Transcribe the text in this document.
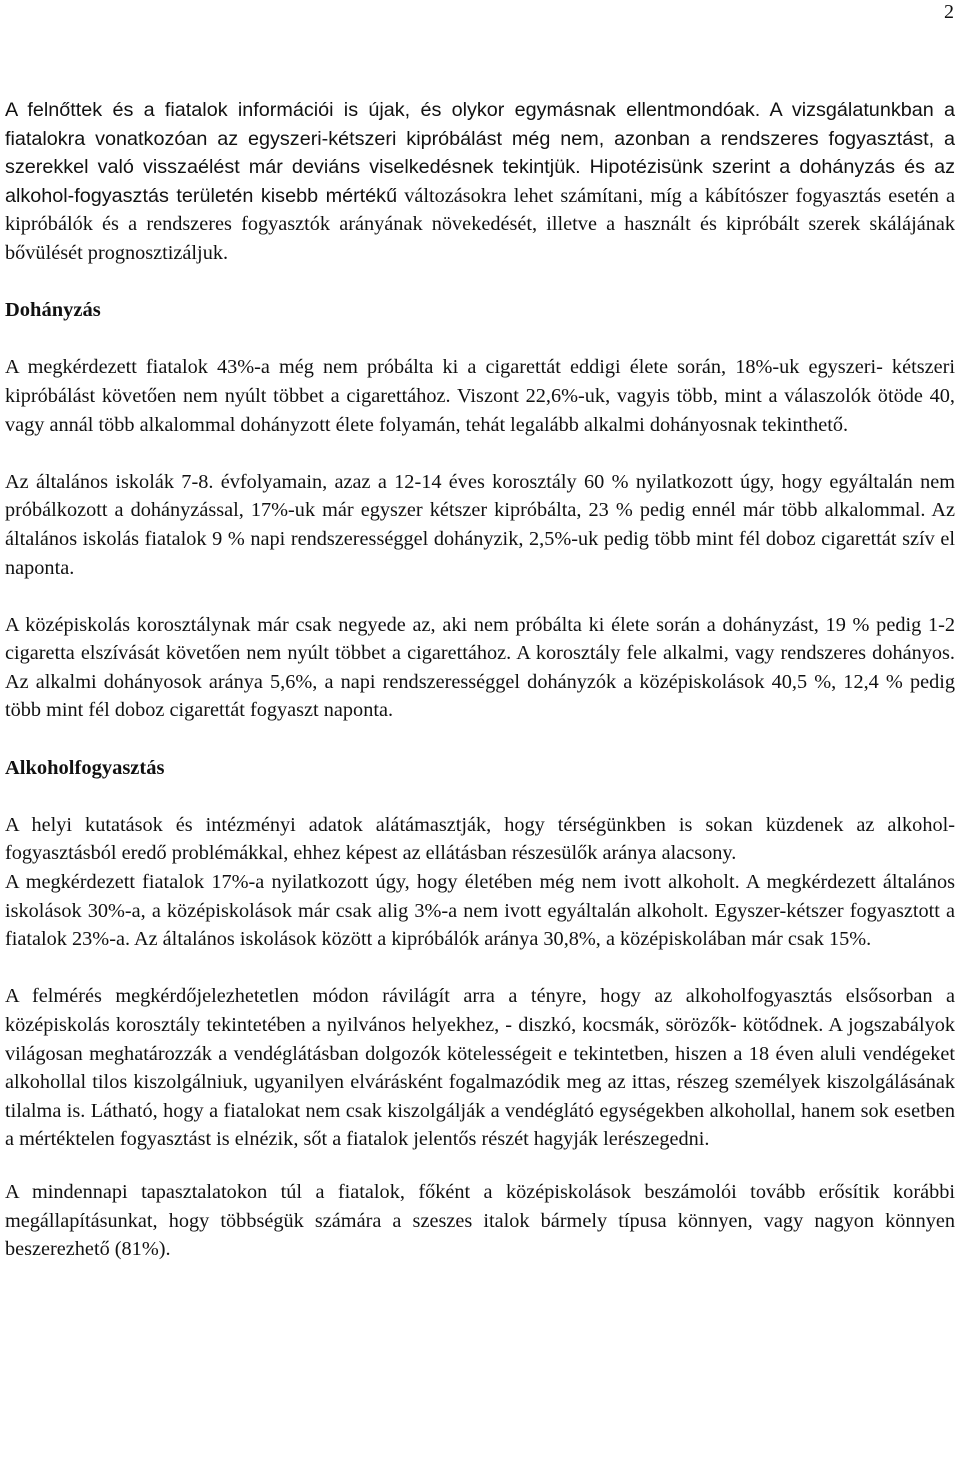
2

A felnőttek és a fiatalok információi is újak, és olykor egymásnak ellentmondóak. A vizsgálatunkban a fiatalokra vonatkozóan az egyszeri-kétszeri kipróbálást még nem, azonban a rendszeres fogyasztást, a szerekkel való visszaélést már deviáns viselkedésnek tekintjük. Hipotézisünk szerint a dohányzás és az alkohol-fogyasztás területén kisebb mértékű változásokra lehet számítani, míg a kábítószer fogyasztás esetén a kipróbálók és a rendszeres fogyasztók arányának növekedését, illetve a használt és kipróbált szerek skálájának bővülését prognosztizáljuk.

Dohányzás

A megkérdezett fiatalok 43%-a még nem próbálta ki a cigarettát eddigi élete során, 18%-uk egyszeri- kétszeri kipróbálást követően nem nyúlt többet a cigarettához. Viszont 22,6%-uk, vagyis több, mint a válaszolók ötöde 40, vagy annál több alkalommal dohányzott élete folyamán, tehát legalább alkalmi dohányosnak tekinthető.

Az általános iskolák 7-8. évfolyamain, azaz a 12-14 éves korosztály 60 % nyilatkozott úgy, hogy egyáltalán nem próbálkozott a dohányzással, 17%-uk már egyszer kétszer kipróbálta, 23 % pedig ennél már több alkalommal. Az általános iskolás fiatalok 9 % napi rendszerességgel dohányzik, 2,5%-uk pedig több mint fél doboz cigarettát szív el naponta.

A középiskolás korosztálynak már csak negyede az, aki nem próbálta ki élete során a dohányzást, 19 % pedig 1-2 cigaretta elszívását követően nem nyúlt többet a cigarettához. A korosztály fele alkalmi, vagy rendszeres dohányos. Az alkalmi dohányosok aránya 5,6%, a napi rendszerességgel dohányzók a középiskolások 40,5 %, 12,4 % pedig több mint fél doboz cigarettát fogyaszt naponta.

Alkoholfogyasztás

A helyi kutatások és intézményi adatok alátámasztják, hogy térségünkben is sokan küzdenek az alkohol-fogyasztásból eredő problémákkal, ehhez képest az ellátásban részesülők aránya alacsony.

A megkérdezett fiatalok 17%-a nyilatkozott úgy, hogy életében még nem ivott alkoholt. A megkérdezett általános iskolások 30%-a, a középiskolások már csak alig 3%-a nem ivott egyáltalán alkoholt. Egyszer-kétszer fogyasztott a fiatalok 23%-a. Az általános iskolások között a kipróbálók aránya 30,8%, a középiskolában már csak 15%.

A felmérés megkérdőjelezhetetlen módon rávilágít arra a tényre, hogy az alkoholfogyasztás elsősorban a középiskolás korosztály tekintetében a nyilvános helyekhez, - diszkó, kocsmák, sörözők- kötődnek. A jogszabályok világosan meghatározzák a vendéglátásban dolgozók kötelességeit e tekintetben, hiszen a 18 éven aluli vendégeket alkohollal tilos kiszolgálniuk, ugyanilyen elvárásként fogalmazódik meg az ittas, részeg személyek kiszolgálásának tilalma is. Látható, hogy a fiatalokat nem csak kiszolgálják a vendéglátó egységekben alkohollal, hanem sok esetben a mértéktelen fogyasztást is elnézik, sőt a fiatalok jelentős részét hagyják lerészegedni.

A mindennapi tapasztalatokon túl a fiatalok, főként a középiskolások beszámolói tovább erősítik korábbi megállapításunkat, hogy többségük számára a szeszes italok bármely típusa könnyen, vagy nagyon könnyen beszerezhető (81%).
